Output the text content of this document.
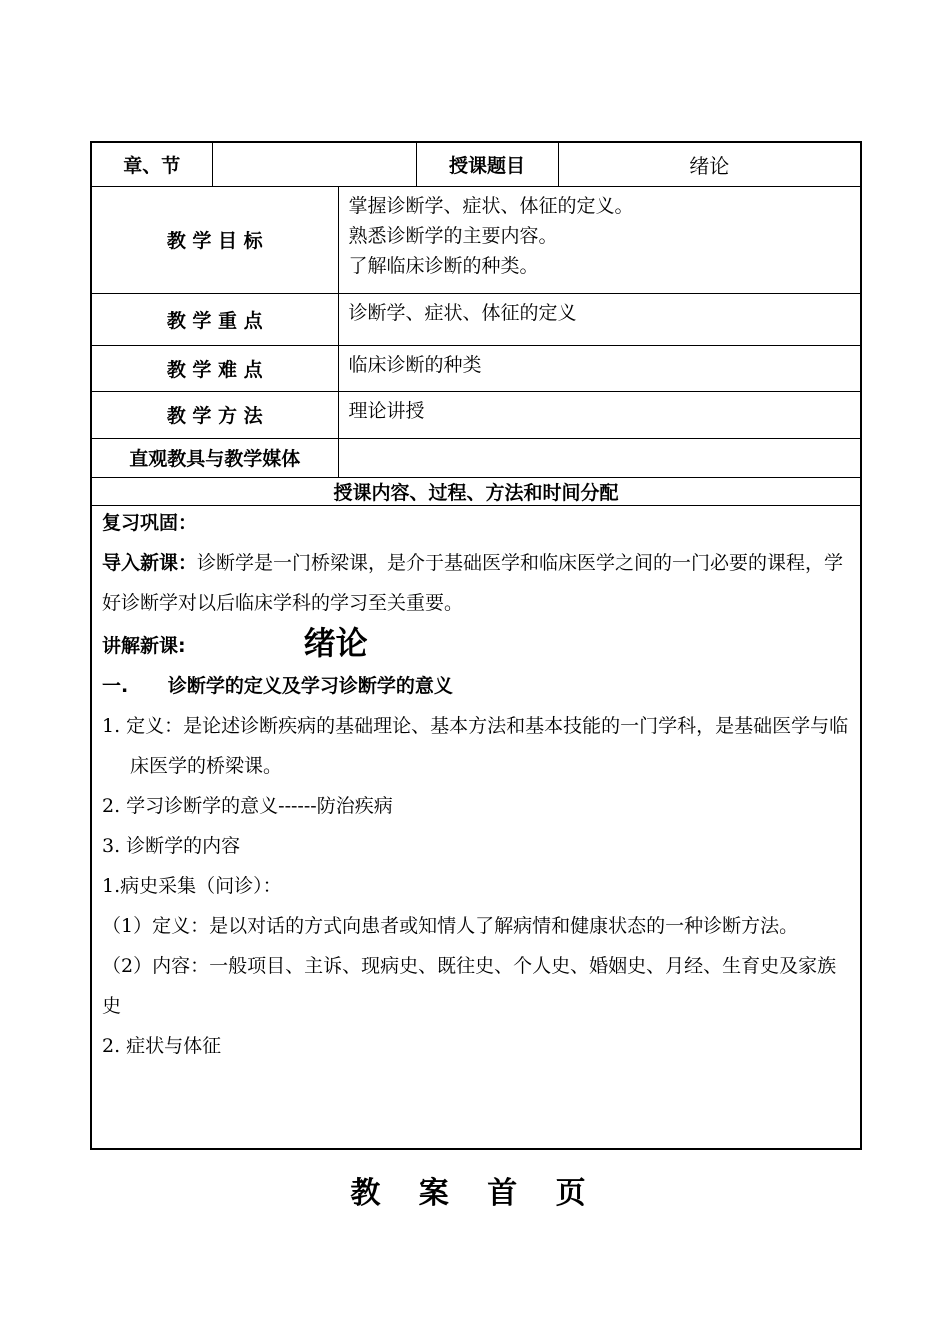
章、节			授课题目	绪论
教 学 目 标		掌握诊断学、症状、体征的定义。
熟悉诊断学的主要内容。
了解临床诊断的种类。		

教 学 重 点		诊断学、症状、体征的定义		
教 学 难 点		临床诊断的种类		
教 学 方 法		理论讲授		
直观教具与教学媒体				
授课内容、过程、方法和时间分配				

复习巩固：

导入新课：诊断学是一门桥梁课，是介于基础医学和临床医学之间的一门必要的课程，学好诊断学对以后临床学科的学习至关重要。

讲解新课:	绪论

一.      诊断学的定义及学习诊断学的意义

1. 定义：是论述诊断疾病的基础理论、基本方法和基本技能的一门学科，是基础医学与临床医学的桥梁课。

2. 学习诊断学的意义------防治疾病

3. 诊断学的内容

1.病史采集（问诊）：

（1）定义：是以对话的方式向患者或知情人了解病情和健康状态的一种诊断方法。

（2）内容：一般项目、主诉、现病史、既往史、个人史、婚姻史、月经、生育史及家族史

2. 症状与体征

教 案 首 页
